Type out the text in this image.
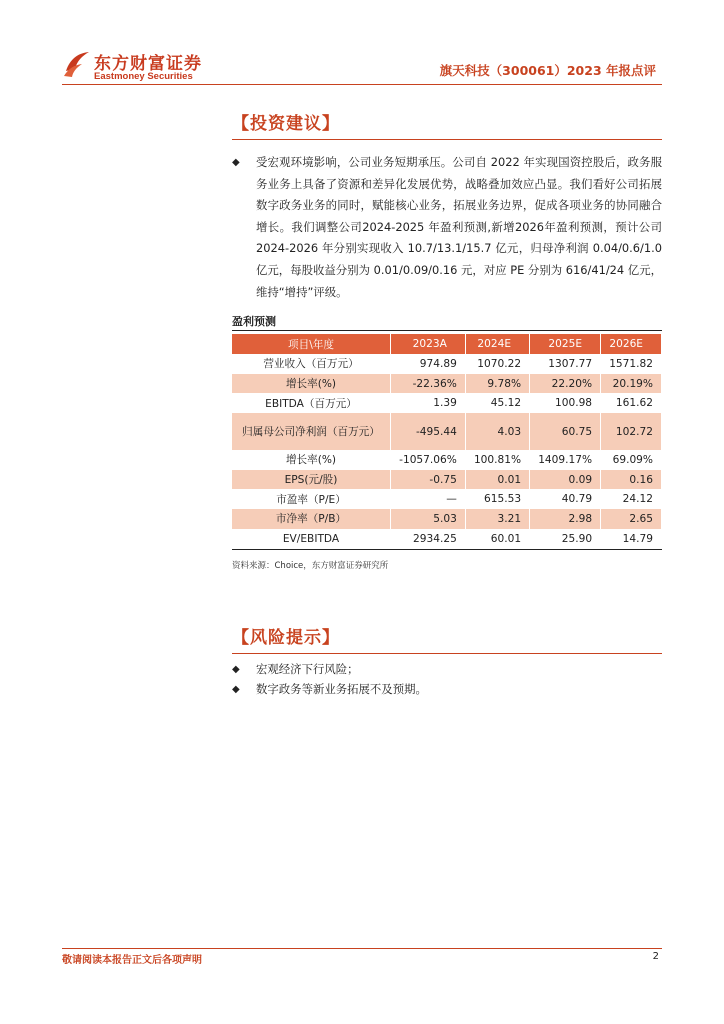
东方财富证券
Eastmoney Securities	旗天科技（300061）2023 年报点评
【投资建议】
◆ 受宏观环境影响，公司业务短期承压。公司自 2022 年实现国资控股后，政务服务业务上具备了资源和差异化发展优势，战略叠加效应凸显。我们看好公司拓展数字政务业务的同时，赋能核心业务，拓展业务边界，促成各项业务的协同融合增长。我们调整公司2024-2025 年盈利预测,新增2026年盈利预测，预计公司 2024-2026 年分别实现收入 10.7/13.1/15.7 亿元，归母净利润 0.04/0.6/1.0 亿元，每股收益分别为 0.01/0.09/0.16 元，对应 PE 分别为 616/41/24 亿元，维持“增持”评级。
盈利预测
项目\年度	2023A	2024E	2025E	2026E
营业收入（百万元）	974.89	1070.22	1307.77	1571.82
增长率(%)	-22.36%	9.78%	22.20%	20.19%
EBITDA（百万元）	1.39	45.12	100.98	161.62
归属母公司净利润（百万元）	-495.44	4.03	60.75	102.72
增长率(%)	-1057.06%	100.81%	1409.17%	69.09%
EPS(元/股)	-0.75	0.01	0.09	0.16
市盈率（P/E）	—	615.53	40.79	24.12
市净率（P/B）	5.03	3.21	2.98	2.65
EV/EBITDA	2934.25	60.01	25.90	14.79
资料来源：Choice，东方财富证券研究所
【风险提示】
◆ 宏观经济下行风险；
◆ 数字政务等新业务拓展不及预期。
敬请阅读本报告正文后各项声明	2
